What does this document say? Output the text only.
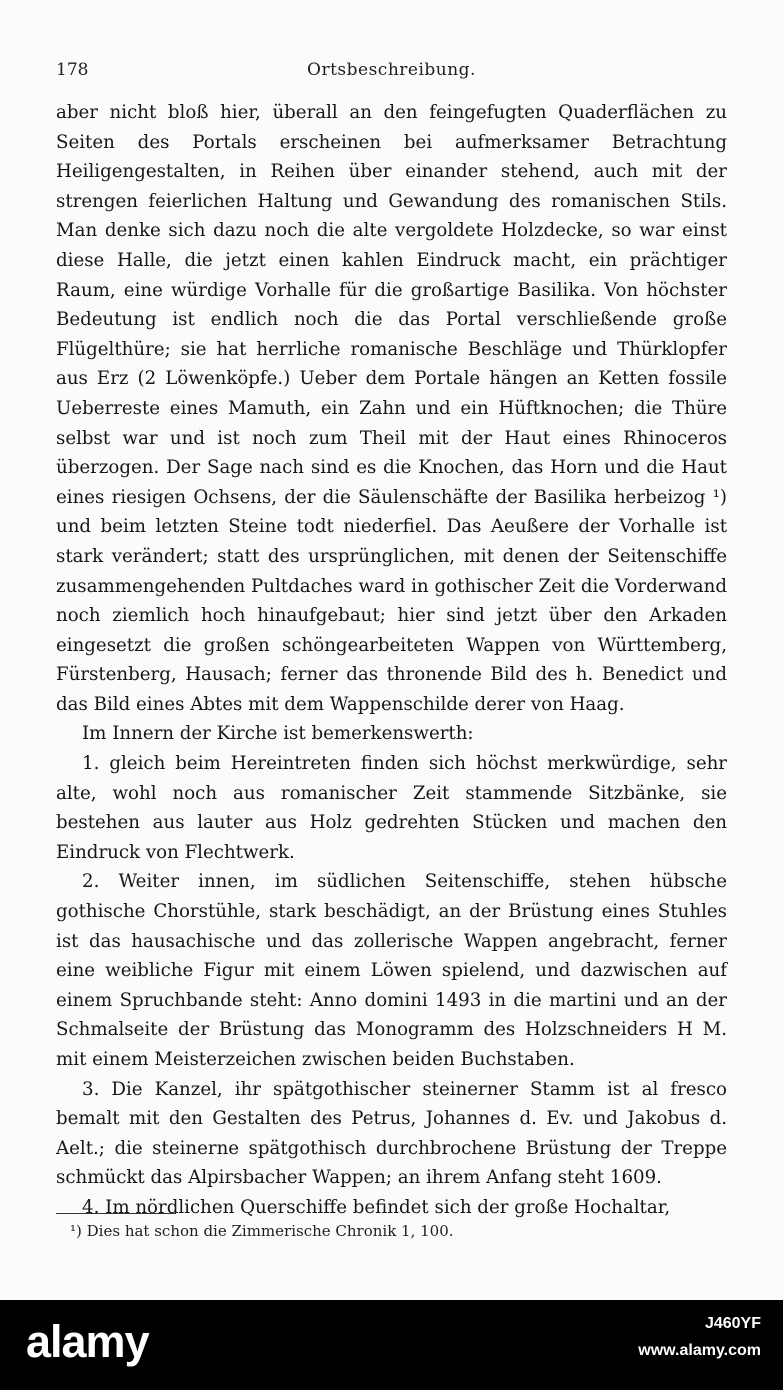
178	Ortsbeschreibung.

aber nicht bloß hier, überall an den feingefugten Quaderflächen zu Seiten des Portals erscheinen bei aufmerksamer Betrachtung Heiligengestalten, in Reihen über einander stehend, auch mit der strengen feierlichen Haltung und Gewandung des romanischen Stils. Man denke sich dazu noch die alte vergoldete Holzdecke, so war einst diese Halle, die jetzt einen kahlen Eindruck macht, ein prächtiger Raum, eine würdige Vorhalle für die großartige Basilika. Von höchster Bedeutung ist endlich noch die das Portal verschließende große Flügelthüre; sie hat herrliche romanische Beschläge und Thürklopfer aus Erz (2 Löwenköpfe.) Ueber dem Portale hängen an Ketten fossile Ueberreste eines Mamuth, ein Zahn und ein Hüftknochen; die Thüre selbst war und ist noch zum Theil mit der Haut eines Rhinoceros überzogen. Der Sage nach sind es die Knochen, das Horn und die Haut eines riesigen Ochsens, der die Säulenschäfte der Basilika herbeizog ¹) und beim letzten Steine todt niederfiel. Das Aeußere der Vorhalle ist stark verändert; statt des ursprünglichen, mit denen der Seitenschiffe zusammengehenden Pultdaches ward in gothischer Zeit die Vorderwand noch ziemlich hoch hinaufgebaut; hier sind jetzt über den Arkaden eingesetzt die großen schöngearbeiteten Wappen von Württemberg, Fürstenberg, Hausach; ferner das thronende Bild des h. Benedict und das Bild eines Abtes mit dem Wappenschilde derer von Haag.

Im Innern der Kirche ist bemerkenswerth:

1. gleich beim Hereintreten finden sich höchst merkwürdige, sehr alte, wohl noch aus romanischer Zeit stammende Sitzbänke, sie bestehen aus lauter aus Holz gedrehten Stücken und machen den Eindruck von Flechtwerk.

2. Weiter innen, im südlichen Seitenschiffe, stehen hübsche gothische Chorstühle, stark beschädigt, an der Brüstung eines Stuhles ist das hausachische und das zollerische Wappen angebracht, ferner eine weibliche Figur mit einem Löwen spielend, und dazwischen auf einem Spruchbande steht: Anno domini 1493 in die martini und an der Schmalseite der Brüstung das Monogramm des Holzschneiders H M. mit einem Meisterzeichen zwischen beiden Buchstaben.

3. Die Kanzel, ihr spätgothischer steinerner Stamm ist al fresco bemalt mit den Gestalten des Petrus, Johannes d. Ev. und Jakobus d. Aelt.; die steinerne spätgothisch durchbrochene Brüstung der Treppe schmückt das Alpirsbacher Wappen; an ihrem Anfang steht 1609.

4. Im nördlichen Querschiffe befindet sich der große Hochaltar,

¹) Dies hat schon die Zimmerische Chronik 1, 100.
alamy	J460YF
www.alamy.com
